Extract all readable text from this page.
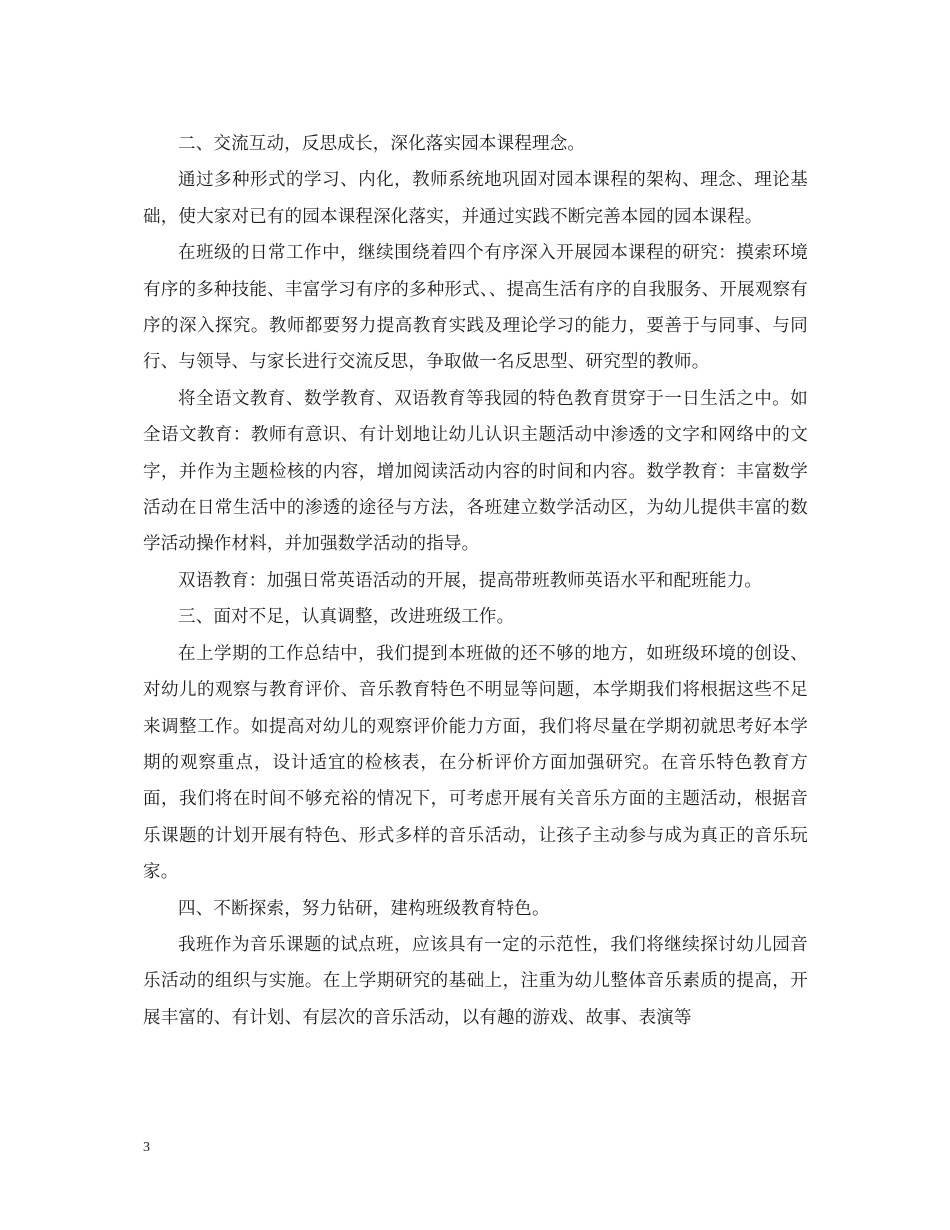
二、交流互动，反思成长，深化落实园本课程理念。

通过多种形式的学习、内化，教师系统地巩固对园本课程的架构、理念、理论基础，使大家对已有的园本课程深化落实，并通过实践不断完善本园的园本课程。

在班级的日常工作中，继续围绕着四个有序深入开展园本课程的研究：摸索环境有序的多种技能、丰富学习有序的多种形式、、提高生活有序的自我服务、开展观察有序的深入探究。教师都要努力提高教育实践及理论学习的能力，要善于与同事、与同行、与领导、与家长进行交流反思，争取做一名反思型、研究型的教师。

将全语文教育、数学教育、双语教育等我园的特色教育贯穿于一日生活之中。如全语文教育：教师有意识、有计划地让幼儿认识主题活动中渗透的文字和网络中的文字，并作为主题检核的内容，增加阅读活动内容的时间和内容。数学教育：丰富数学活动在日常生活中的渗透的途径与方法，各班建立数学活动区，为幼儿提供丰富的数学活动操作材料，并加强数学活动的指导。

双语教育：加强日常英语活动的开展，提高带班教师英语水平和配班能力。

三、面对不足，认真调整，改进班级工作。

在上学期的工作总结中，我们提到本班做的还不够的地方，如班级环境的创设、对幼儿的观察与教育评价、音乐教育特色不明显等问题，本学期我们将根据这些不足来调整工作。如提高对幼儿的观察评价能力方面，我们将尽量在学期初就思考好本学期的观察重点，设计适宜的检核表，在分析评价方面加强研究。在音乐特色教育方面，我们将在时间不够充裕的情况下，可考虑开展有关音乐方面的主题活动，根据音乐课题的计划开展有特色、形式多样的音乐活动，让孩子主动参与成为真正的音乐玩家。

四、不断探索，努力钻研，建构班级教育特色。

我班作为音乐课题的试点班，应该具有一定的示范性，我们将继续探讨幼儿园音乐活动的组织与实施。在上学期研究的基础上，注重为幼儿整体音乐素质的提高，开展丰富的、有计划、有层次的音乐活动，以有趣的游戏、故事、表演等

3
